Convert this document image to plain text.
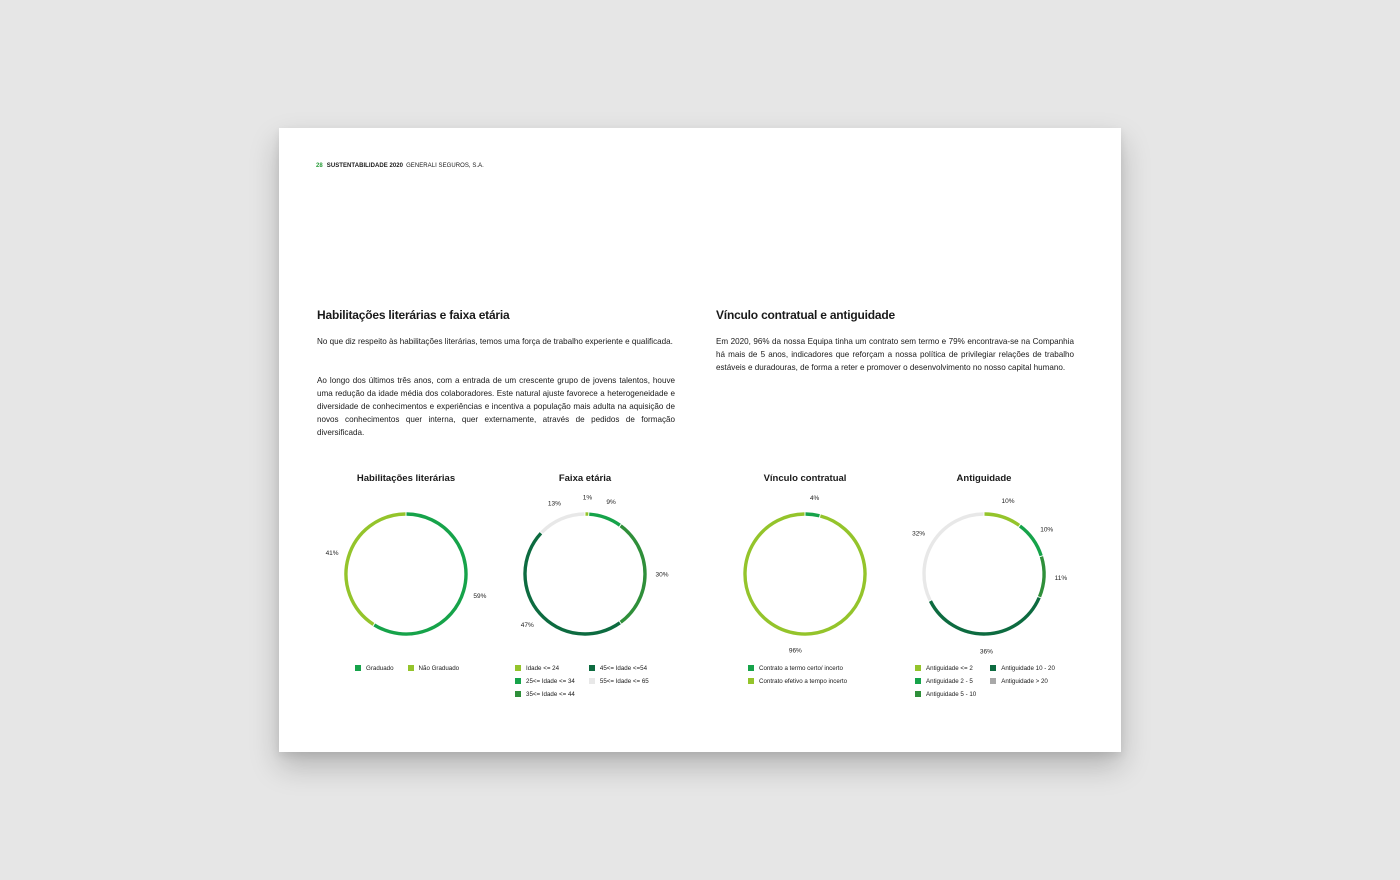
28 SUSTENTABILIDADE 2020 GENERALI SEGUROS, S.A.
Habilitações literárias e faixa etária

No que diz respeito às habilitações literárias, temos uma força de trabalho experiente e qualificada.

Ao longo dos últimos três anos, com a entrada de um crescente grupo de jovens talentos, houve uma redução da idade média dos colaboradores. Este natural ajuste favorece a heterogeneidade e diversidade de conhecimentos e experiências e incentiva a população mais adulta na aquisição de novos conhecimentos quer interna, quer externamente, através de pedidos de formação diversificada.

Vínculo contratual e antiguidade

Em 2020, 96% da nossa Equipa tinha um contrato sem termo e 79% encontrava-se na Companhia há mais de 5 anos, indicadores que reforçam a nossa política de privilegiar relações de trabalho estáveis e duradouras, de forma a reter e promover o desenvolvimento no nosso capital humano.

Habilitações literárias
59%
41%
Graduado	Não Graduado
Faixa etária
1%
9%
30%
47%
13%
Idade <= 24	45<= Idade <=54
25<= Idade <= 34	55<= Idade <= 65
35<= Idade <= 44
Vínculo contratual
4%
96%
Contrato a termo certo/ incerto
Contrato efetivo a tempo incerto
Antiguidade
10%
10%
11%
36%
32%
Antiguidade <= 2	Antiguidade 10 - 20
Antiguidade 2 - 5	Antiguidade > 20
Antiguidade 5 - 10
